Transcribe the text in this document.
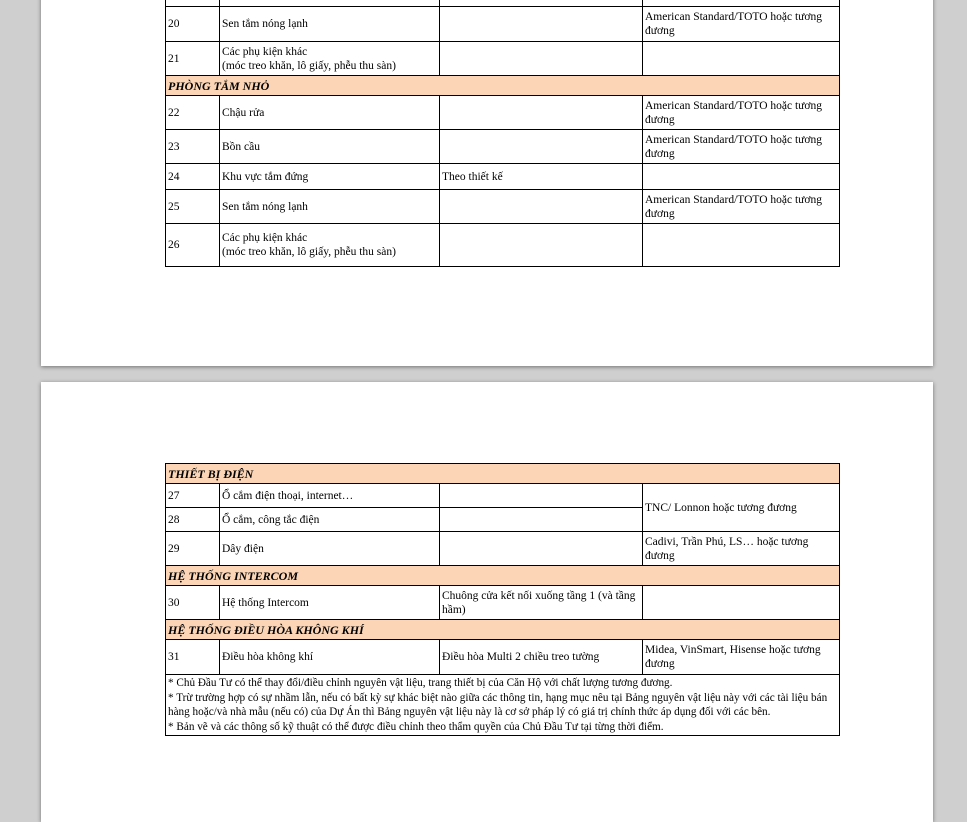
20	Sen tắm nóng lạnh		American Standard/TOTO hoặc tương đương
21	Các phụ kiện khác
(móc treo khăn, lô giấy, phễu thu sàn)		

PHÒNG TẮM NHỎ			
22	Chậu rửa		American Standard/TOTO hoặc tương đương
23	Bồn cầu		American Standard/TOTO hoặc tương đương
24	Khu vực tắm đứng	Theo thiết kế	
25	Sen tắm nóng lạnh		American Standard/TOTO hoặc tương đương
26	Các phụ kiện khác
(móc treo khăn, lô giấy, phễu thu sàn)		

THIẾT BỊ ĐIỆN			
27	Ổ cắm điện thoại, internet…		TNC/ Lonnon hoặc tương đương
28	Ổ cắm, công tắc điện		
29	Dây điện		Cadivi, Trần Phú, LS… hoặc tương đương
HỆ THỐNG INTERCOM			
30	Hệ thống Intercom	Chuông cửa kết nối xuống tầng 1 (và tầng hầm)	
HỆ THỐNG ĐIỀU HÒA KHÔNG KHÍ			
31	Điều hòa không khí	Điều hòa Multi 2 chiều treo tường	Midea, VinSmart, Hisense hoặc tương đương

* Chủ Đầu Tư có thể thay đổi/điều chỉnh nguyên vật liệu, trang thiết bị của Căn Hộ với chất lượng tương đương.
* Trừ trường hợp có sự nhầm lẫn, nếu có bất kỳ sự khác biệt nào giữa các thông tin, hạng mục nêu tại Bảng nguyên vật liệu này với các tài liệu bán hàng hoặc/và nhà mẫu (nếu có) của Dự Án thì Bảng nguyên vật liệu này là cơ sở pháp lý có giá trị chính thức áp dụng đối với các bên.
* Bản vẽ và các thông số kỹ thuật có thể được điều chỉnh theo thẩm quyền của Chủ Đầu Tư tại từng thời điểm.			
